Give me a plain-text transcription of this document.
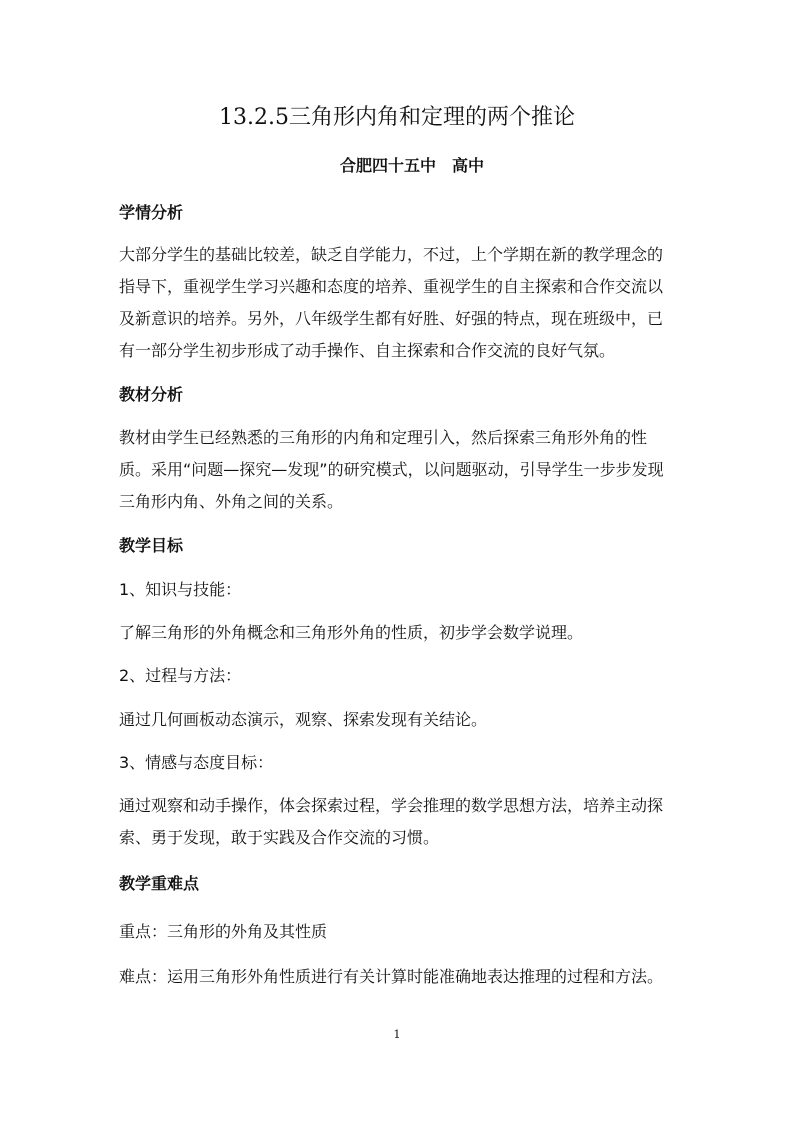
13.2.5三角形内角和定理的两个推论
合肥四十五中　高中
学情分析
大部分学生的基础比较差，缺乏自学能力，不过，上个学期在新的教学理念的指导下，重视学生学习兴趣和态度的培养、重视学生的自主探索和合作交流以及新意识的培养。另外，八年级学生都有好胜、好强的特点，现在班级中，已有一部分学生初步形成了动手操作、自主探索和合作交流的良好气氛。
教材分析
教材由学生已经熟悉的三角形的内角和定理引入，然后探索三角形外角的性质。采用“问题—探究—发现”的研究模式，以问题驱动，引导学生一步步发现三角形内角、外角之间的关系。
教学目标
1、知识与技能：
了解三角形的外角概念和三角形外角的性质，初步学会数学说理。
2、过程与方法：
通过几何画板动态演示，观察、探索发现有关结论。
3、情感与态度目标：
通过观察和动手操作，体会探索过程，学会推理的数学思想方法，培养主动探索、勇于发现，敢于实践及合作交流的习惯。
教学重难点
重点：三角形的外角及其性质
难点：运用三角形外角性质进行有关计算时能准确地表达推理的过程和方法。
1
